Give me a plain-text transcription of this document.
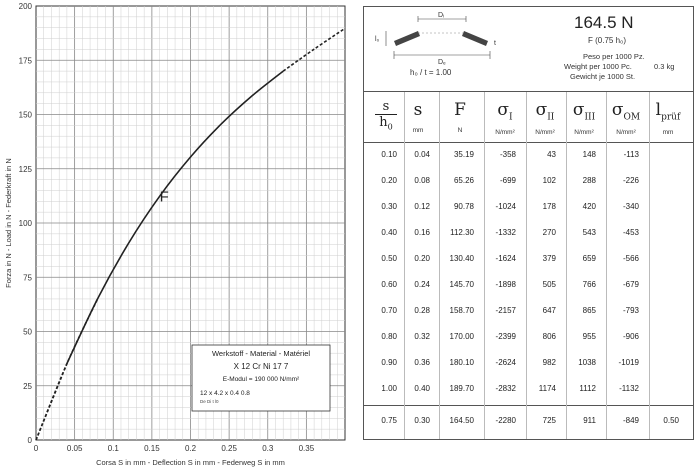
0
25
50
75
100
125
150
175
200
0	0.05	0.1	0.15	0.2	0.25	0.3	0.35
Corsa S in mm - Deflection S in mm - Federweg S in mm
Forza in N - Load in N - Federkraft in N	F
Werkstoff - Material - Matériel
X 12 Cr Ni 17 7
E-Modul = 190 000 N/mm²
12 x 4.2 x 0.4 0.8
De Di t l0
Dᵢ
Dₑ
l₀
t
164.5 N
F (0.75 h₀)
Peso per 1000 Pz.
Weight per 1000 Pc.	0.3 kg
Gewicht je 1000 St.
h₀ / t = 1.00
s
$h_0$
s
mm
F
N
$\sigma_I$
N/mm²
$\sigma_{II}$
N/mm²
$\sigma_{III}$
N/mm²
$\sigma_{OM}$
N/mm²
$l_{prüf}$
mm
0.10	0.04	35.19	-358	43	148	-113
0.20	0.08	65.26	-699	102	288	-226
0.30	0.12	90.78	-1024	178	420	-340
0.40	0.16	112.30	-1332	270	543	-453
0.50	0.20	130.40	-1624	379	659	-566
0.60	0.24	145.70	-1898	505	766	-679
0.70	0.28	158.70	-2157	647	865	-793
0.80	0.32	170.00	-2399	806	955	-906
0.90	0.36	180.10	-2624	982	1038	-1019
1.00	0.40	189.70	-2832	1174	1112	-1132
0.75	0.30	164.50	-2280	725	911	-849	0.50
